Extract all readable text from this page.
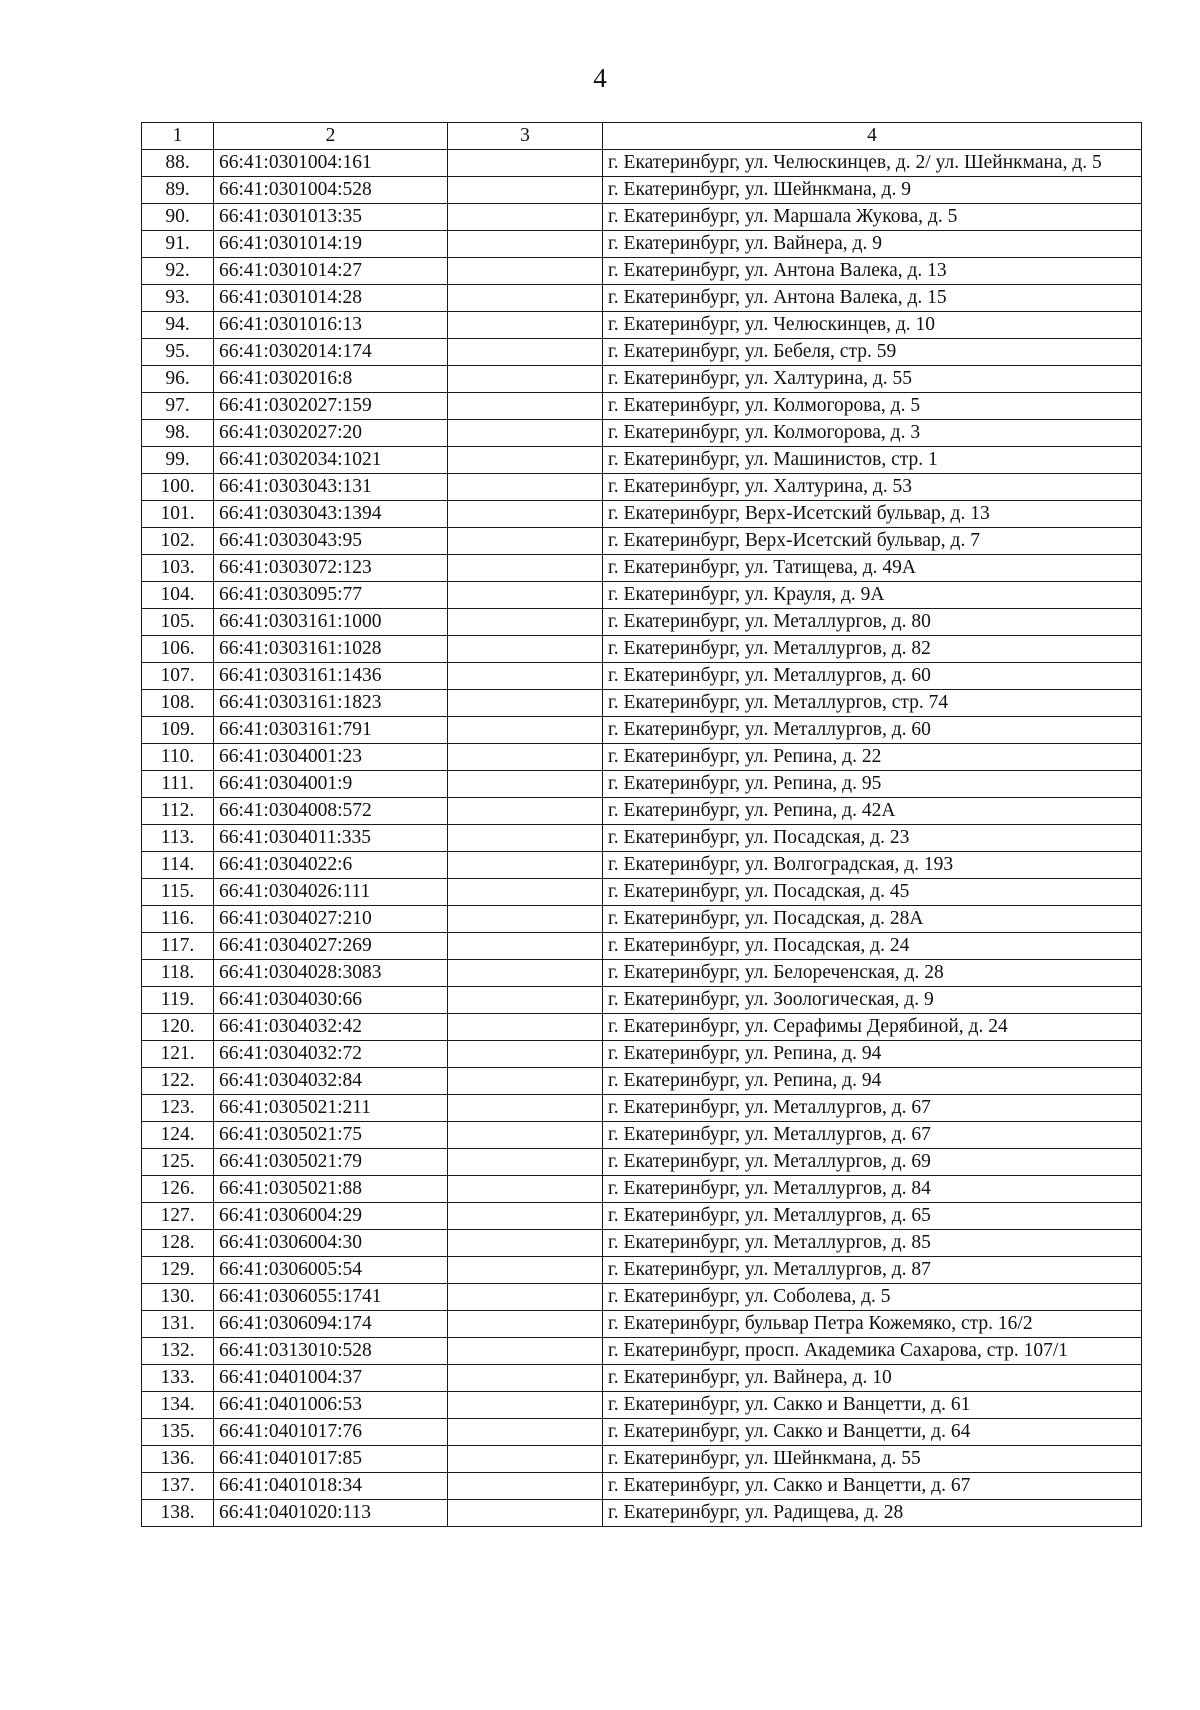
4
1	2	3	4
88.	66:41:0301004:161		г. Екатеринбург, ул. Челюскинцев, д. 2/ ул. Шейнкмана, д. 5
89.	66:41:0301004:528		г. Екатеринбург, ул. Шейнкмана, д. 9
90.	66:41:0301013:35		г. Екатеринбург, ул. Маршала Жукова, д. 5
91.	66:41:0301014:19		г. Екатеринбург, ул. Вайнера, д. 9
92.	66:41:0301014:27		г. Екатеринбург, ул. Антона Валека, д. 13
93.	66:41:0301014:28		г. Екатеринбург, ул. Антона Валека, д. 15
94.	66:41:0301016:13		г. Екатеринбург, ул. Челюскинцев, д. 10
95.	66:41:0302014:174		г. Екатеринбург, ул. Бебеля, стр. 59
96.	66:41:0302016:8		г. Екатеринбург, ул. Халтурина, д. 55
97.	66:41:0302027:159		г. Екатеринбург, ул. Колмогорова, д. 5
98.	66:41:0302027:20		г. Екатеринбург, ул. Колмогорова, д. 3
99.	66:41:0302034:1021		г. Екатеринбург, ул. Машинистов, стр. 1
100.	66:41:0303043:131		г. Екатеринбург, ул. Халтурина, д. 53
101.	66:41:0303043:1394		г. Екатеринбург, Верх-Исетский бульвар, д. 13
102.	66:41:0303043:95		г. Екатеринбург, Верх-Исетский бульвар, д. 7
103.	66:41:0303072:123		г. Екатеринбург, ул. Татищева, д. 49А
104.	66:41:0303095:77		г. Екатеринбург, ул. Крауля, д. 9А
105.	66:41:0303161:1000		г. Екатеринбург, ул. Металлургов, д. 80
106.	66:41:0303161:1028		г. Екатеринбург, ул. Металлургов, д. 82
107.	66:41:0303161:1436		г. Екатеринбург, ул. Металлургов, д. 60
108.	66:41:0303161:1823		г. Екатеринбург, ул. Металлургов, стр. 74
109.	66:41:0303161:791		г. Екатеринбург, ул. Металлургов, д. 60
110.	66:41:0304001:23		г. Екатеринбург, ул. Репина, д. 22
111.	66:41:0304001:9		г. Екатеринбург, ул. Репина, д. 95
112.	66:41:0304008:572		г. Екатеринбург, ул. Репина, д. 42А
113.	66:41:0304011:335		г. Екатеринбург, ул. Посадская, д. 23
114.	66:41:0304022:6		г. Екатеринбург, ул. Волгоградская, д. 193
115.	66:41:0304026:111		г. Екатеринбург, ул. Посадская, д. 45
116.	66:41:0304027:210		г. Екатеринбург, ул. Посадская, д. 28А
117.	66:41:0304027:269		г. Екатеринбург, ул. Посадская, д. 24
118.	66:41:0304028:3083		г. Екатеринбург, ул. Белореченская, д. 28
119.	66:41:0304030:66		г. Екатеринбург, ул. Зоологическая, д. 9
120.	66:41:0304032:42		г. Екатеринбург, ул. Серафимы Дерябиной, д. 24
121.	66:41:0304032:72		г. Екатеринбург, ул. Репина, д. 94
122.	66:41:0304032:84		г. Екатеринбург, ул. Репина, д. 94
123.	66:41:0305021:211		г. Екатеринбург, ул. Металлургов, д. 67
124.	66:41:0305021:75		г. Екатеринбург, ул. Металлургов, д. 67
125.	66:41:0305021:79		г. Екатеринбург, ул. Металлургов, д. 69
126.	66:41:0305021:88		г. Екатеринбург, ул. Металлургов, д. 84
127.	66:41:0306004:29		г. Екатеринбург, ул. Металлургов, д. 65
128.	66:41:0306004:30		г. Екатеринбург, ул. Металлургов, д. 85
129.	66:41:0306005:54		г. Екатеринбург, ул. Металлургов, д. 87
130.	66:41:0306055:1741		г. Екатеринбург, ул. Соболева, д. 5
131.	66:41:0306094:174		г. Екатеринбург, бульвар Петра Кожемяко, стр. 16/2
132.	66:41:0313010:528		г. Екатеринбург, просп. Академика Сахарова, стр. 107/1
133.	66:41:0401004:37		г. Екатеринбург, ул. Вайнера, д. 10
134.	66:41:0401006:53		г. Екатеринбург, ул. Сакко и Ванцетти, д. 61
135.	66:41:0401017:76		г. Екатеринбург, ул. Сакко и Ванцетти, д. 64
136.	66:41:0401017:85		г. Екатеринбург, ул. Шейнкмана, д. 55
137.	66:41:0401018:34		г. Екатеринбург, ул. Сакко и Ванцетти, д. 67
138.	66:41:0401020:113		г. Екатеринбург, ул. Радищева, д. 28
